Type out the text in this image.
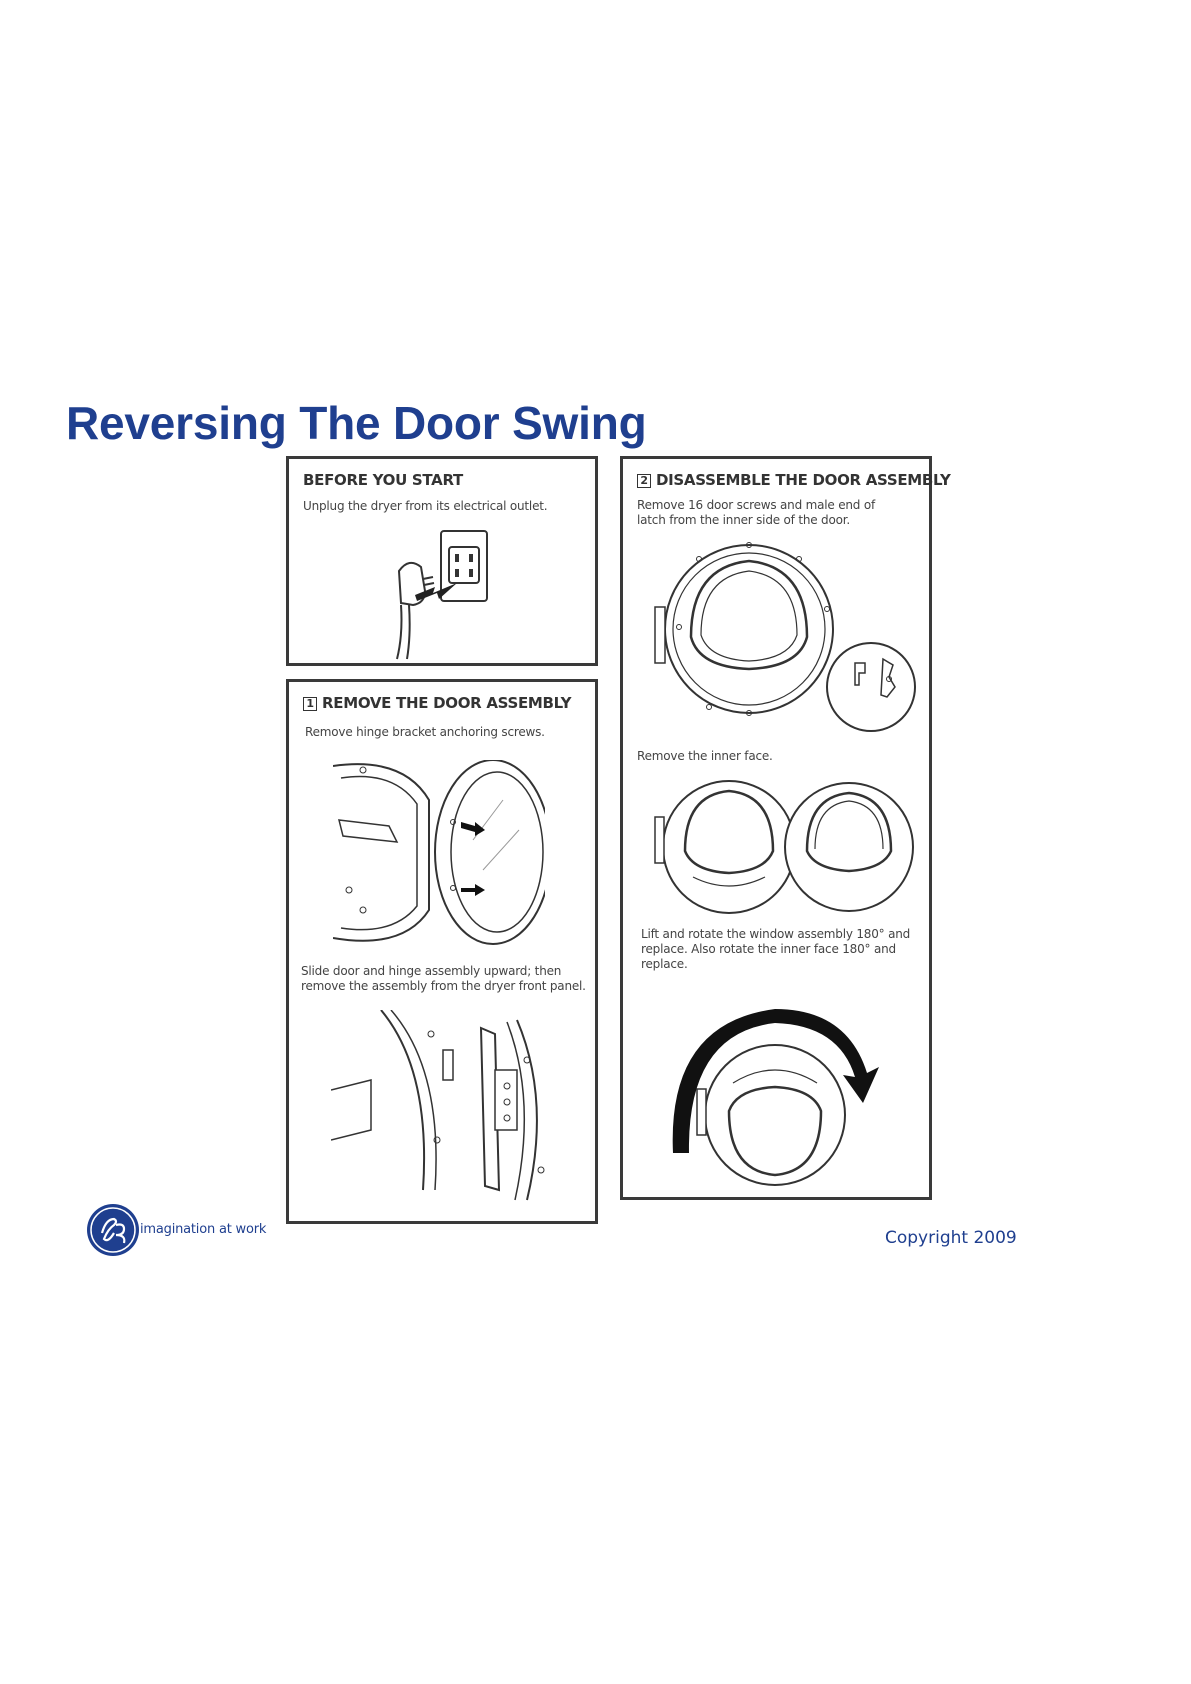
Reversing The Door Swing
BEFORE YOU START
Unplug the dryer from its electrical outlet.
1 REMOVE THE DOOR ASSEMBLY
Remove hinge bracket anchoring screws.
Slide door and hinge assembly upward; then remove the assembly from the dryer front panel.
2 DISASSEMBLE THE DOOR ASSEMBLY
Remove 16 door screws and male end of latch from the inner side of the door.
Remove the inner face.
Lift and rotate the window assembly 180° and replace. Also rotate the inner face 180° and replace.
imagination at work	Copyright 2009
